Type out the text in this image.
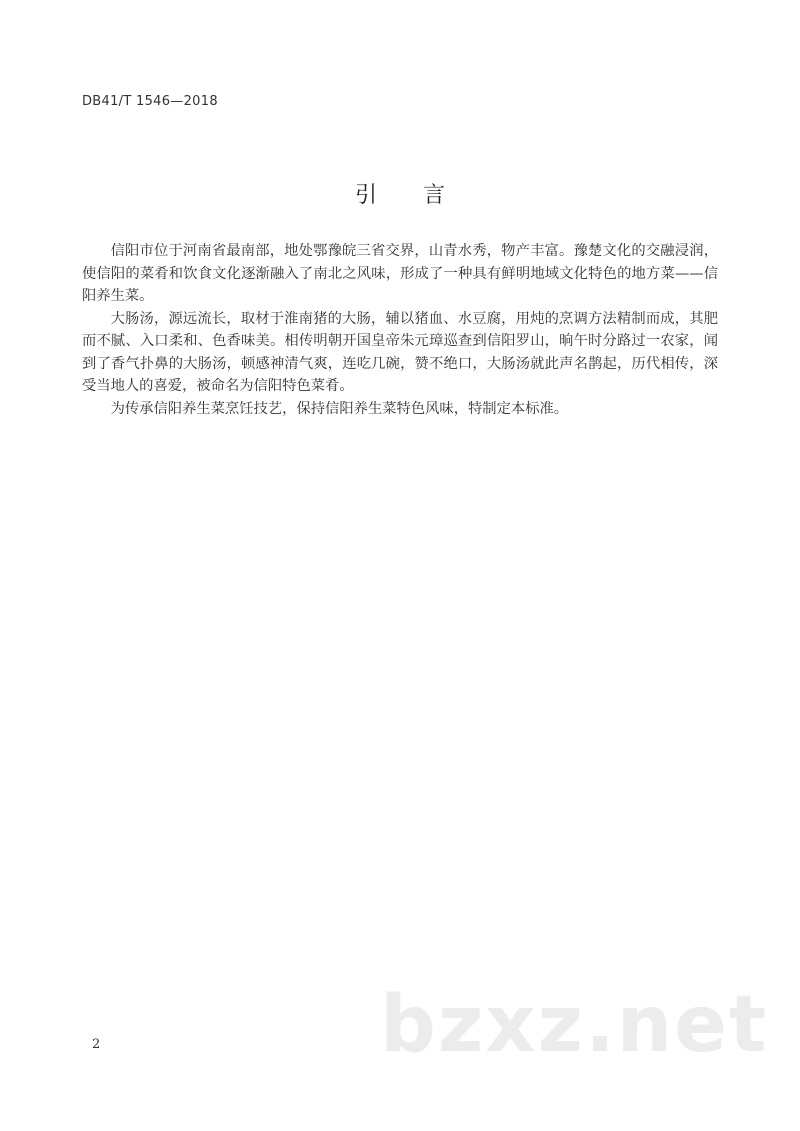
DB41/T 1546—2018
引 言

信阳市位于河南省最南部，地处鄂豫皖三省交界，山青水秀，物产丰富。豫楚文化的交融浸润，使信阳的菜肴和饮食文化逐渐融入了南北之风味，形成了一种具有鲜明地域文化特色的地方菜——信阳养生菜。

大肠汤，源远流长，取材于淮南猪的大肠，辅以猪血、水豆腐，用炖的烹调方法精制而成，其肥而不腻、入口柔和、色香味美。相传明朝开国皇帝朱元璋巡查到信阳罗山，晌午时分路过一农家，闻到了香气扑鼻的大肠汤，顿感神清气爽，连吃几碗，赞不绝口，大肠汤就此声名鹊起，历代相传，深受当地人的喜爱，被命名为信阳特色菜肴。

为传承信阳养生菜烹饪技艺，保持信阳养生菜特色风味，特制定本标准。

bzxz.net
2
